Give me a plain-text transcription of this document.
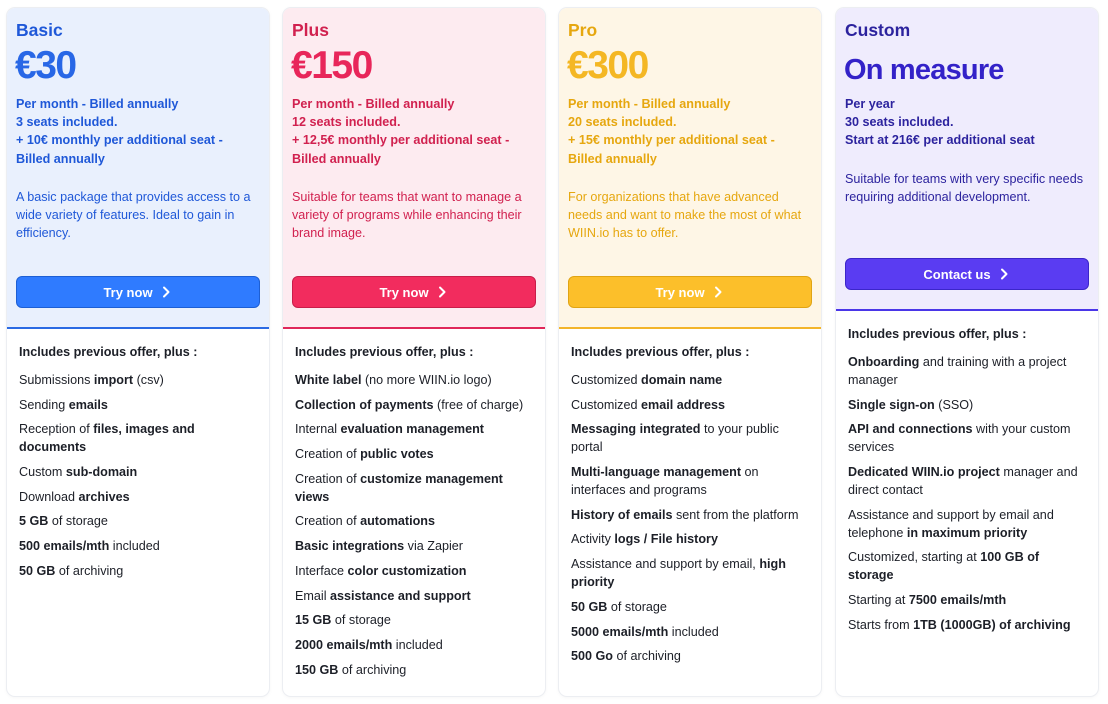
Basic
€30
Per month - Billed annually
3 seats included.
+ 10€ monthly per additional seat - Billed annually
A basic package that provides access to a wide variety of features. Ideal to gain in efficiency.
Try now
Includes previous offer, plus :
Submissions import (csv)
Sending emails
Reception of files, images and documents
Custom sub-domain
Download archives
5 GB of storage
500 emails/mth included
50 GB of archiving
Plus
€150
Per month - Billed annually
12 seats included.
+ 12,5€ monthly per additional seat - Billed annually
Suitable for teams that want to manage a variety of programs while enhancing their brand image.
Try now
Includes previous offer, plus :
White label (no more WIIN.io logo)
Collection of payments (free of charge)
Internal evaluation management
Creation of public votes
Creation of customize management views
Creation of automations
Basic integrations via Zapier
Interface color customization
Email assistance and support
15 GB of storage
2000 emails/mth included
150 GB of archiving
Pro
€300
Per month - Billed annually
20 seats included.
+ 15€ monthly per additional seat - Billed annually
For organizations that have advanced needs and want to make the most of what WIIN.io has to offer.
Try now
Includes previous offer, plus :
Customized domain name
Customized email address
Messaging integrated to your public portal
Multi-language management on interfaces and programs
History of emails sent from the platform
Activity logs / File history
Assistance and support by email, high priority
50 GB of storage
5000 emails/mth included
500 Go of archiving
Custom
On measure
Per year
30 seats included.
Start at 216€ per additional seat
Suitable for teams with very specific needs requiring additional development.
Contact us
Includes previous offer, plus :
Onboarding and training with a project manager
Single sign-on (SSO)
API and connections with your custom services
Dedicated WIIN.io project manager and direct contact
Assistance and support by email and telephone in maximum priority
Customized, starting at 100 GB of storage
Starting at 7500 emails/mth
Starts from 1TB (1000GB) of archiving
